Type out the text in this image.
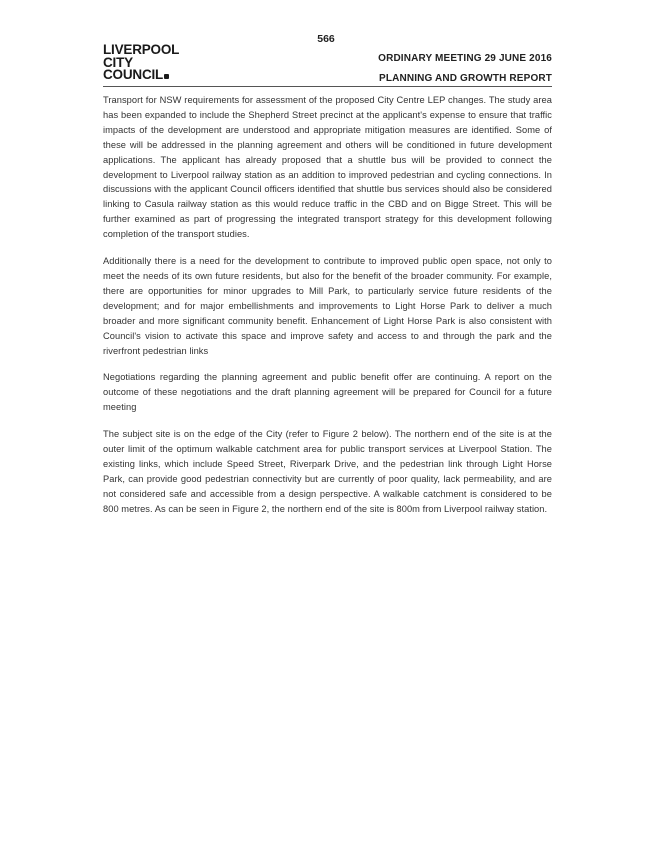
566
LIVERPOOL
CITY
COUNCIL
ORDINARY MEETING 29 JUNE 2016
PLANNING AND GROWTH REPORT

Transport for NSW requirements for assessment of the proposed City Centre LEP changes. The study area has been expanded to include the Shepherd Street precinct at the applicant's expense to ensure that traffic impacts of the development are understood and appropriate mitigation measures are identified. Some of these will be addressed in the planning agreement and others will be conditioned in future development applications. The applicant has already proposed that a shuttle bus will be provided to connect the development to Liverpool railway station as an addition to improved pedestrian and cycling connections. In discussions with the applicant Council officers identified that shuttle bus services should also be considered linking to Casula railway station as this would reduce traffic in the CBD and on Bigge Street. This will be further examined as part of progressing the integrated transport strategy for this development following completion of the transport studies.

Additionally there is a need for the development to contribute to improved public open space, not only to meet the needs of its own future residents, but also for the benefit of the broader community. For example, there are opportunities for minor upgrades to Mill Park, to particularly service future residents of the development; and for major embellishments and improvements to Light Horse Park to deliver a much broader and more significant community benefit. Enhancement of Light Horse Park is also consistent with Council's vision to activate this space and improve safety and access to and through the park and the riverfront pedestrian links

Negotiations regarding the planning agreement and public benefit offer are continuing. A report on the outcome of these negotiations and the draft planning agreement will be prepared for Council for a future meeting

The subject site is on the edge of the City (refer to Figure 2 below). The northern end of the site is at the outer limit of the optimum walkable catchment area for public transport services at Liverpool Station. The existing links, which include Speed Street, Riverpark Drive, and the pedestrian link through Light Horse Park, can provide good pedestrian connectivity but are currently of poor quality, lack permeability, and are not considered safe and accessible from a design perspective. A walkable catchment is considered to be 800 metres. As can be seen in Figure 2, the northern end of the site is 800m from Liverpool railway station.
